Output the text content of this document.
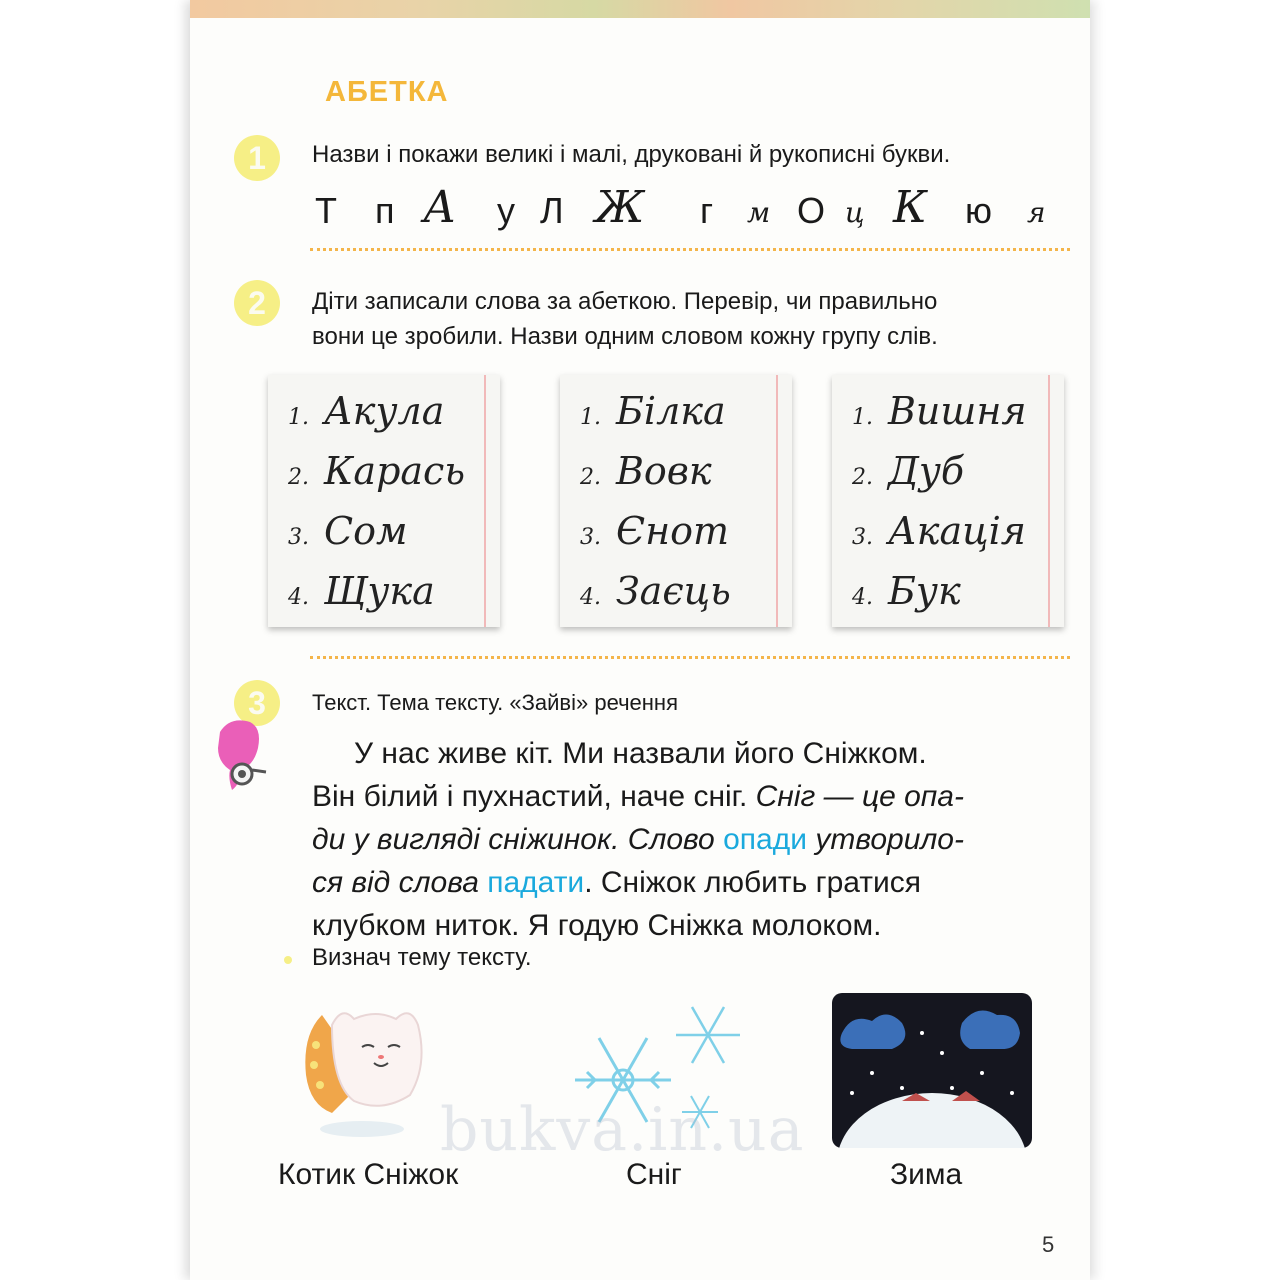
АБЕТКА
1	Назви і покажи великі і малі, друковані й рукописні букви.
Т п А у Л Ж г м О ц К ю я
2	Діти записали слова за абеткою. Перевір, чи правильно
вони це зробили. Назви одним словом кожну групу слів.
1. Акула
2. Карась
3. Сом
4. Щука
1. Білка
2. Вовк
3. Єнот
4. Заєць
1. Вишня
2. Дуб
3. Акація
4. Бук
3	Текст. Тема тексту. «Зайві» речення

У нас живе кіт. Ми назвали його Сніжком.

Він білий і пухнастий, наче сніг. Сніг — це опа-

ди у вигляді сніжинок. Слово опади утворило-

ся від слова падати. Сніжок любить гратися

клубком ниток. Я годую Сніжка молоком.

Визнач тему тексту.
Котик Сніжок	Сніг	Зима
bukva.in.ua
5
